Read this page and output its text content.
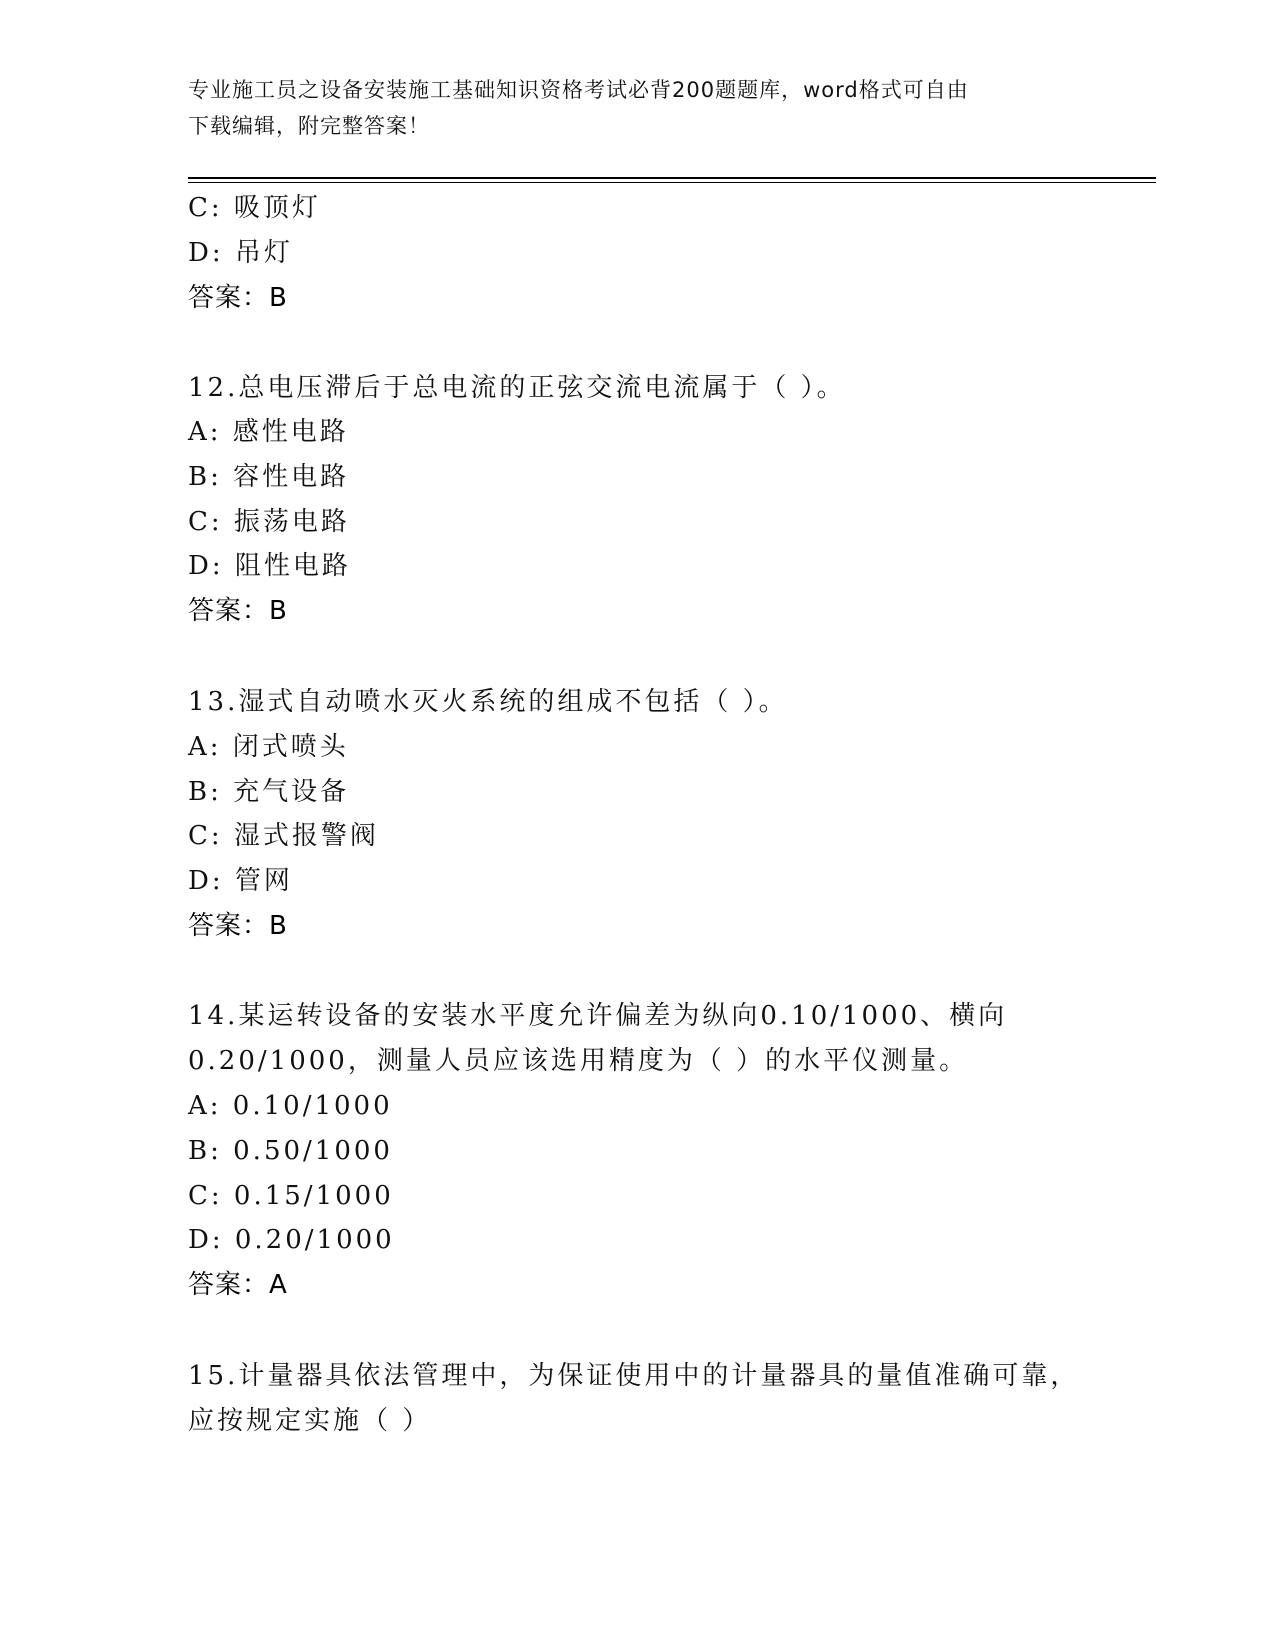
专业施工员之设备安装施工基础知识资格考试必背200题题库，word格式可自由
下载编辑，附完整答案！
C: 吸顶灯
D: 吊灯
答案：B
12.总电压滞后于总电流的正弦交流电流属于（ ）。
A: 感性电路
B: 容性电路
C: 振荡电路
D: 阻性电路
答案：B
13.湿式自动喷水灭火系统的组成不包括（ ）。
A: 闭式喷头
B: 充气设备
C: 湿式报警阀
D: 管网
答案：B
14.某运转设备的安装水平度允许偏差为纵向0.10/1000、横向
0.20/1000，测量人员应该选用精度为（ ）的水平仪测量。
A: 0.10/1000
B: 0.50/1000
C: 0.15/1000
D: 0.20/1000
答案：A
15.计量器具依法管理中，为保证使用中的计量器具的量值准确可靠，
应按规定实施（ ）
